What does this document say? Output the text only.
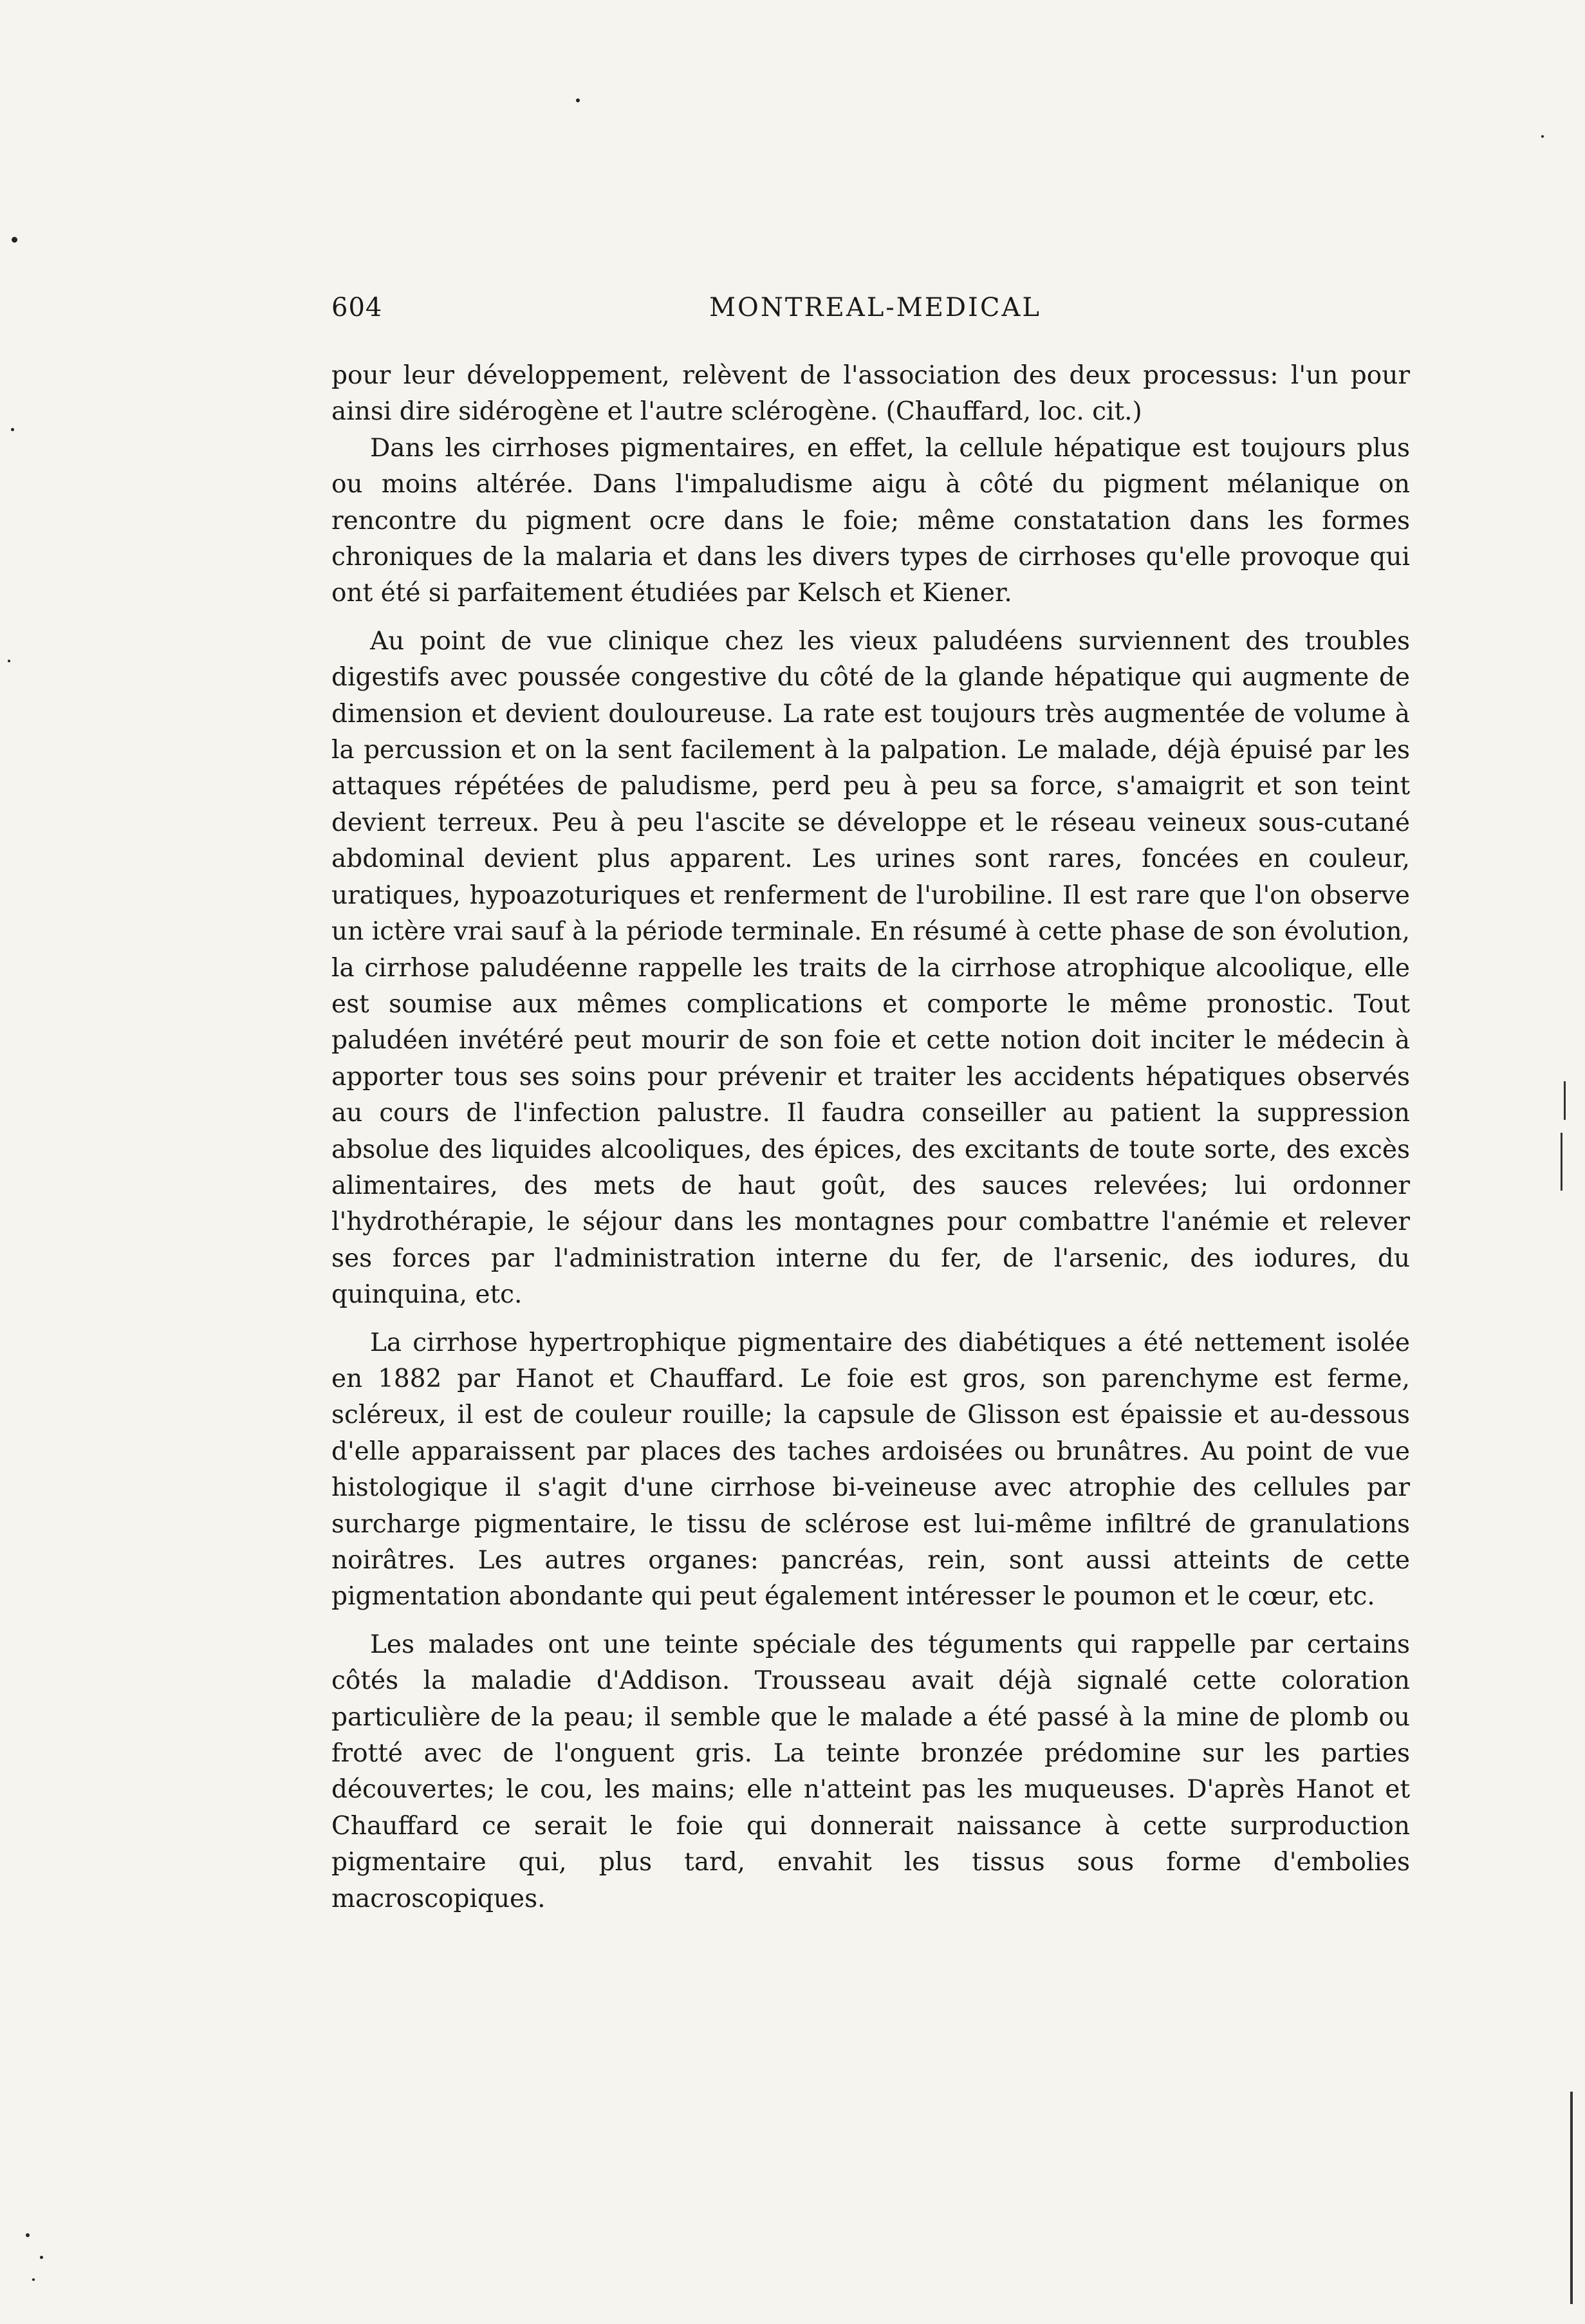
604	MONTREAL-MEDICAL

pour leur développement, relèvent de l'association des deux processus: l'un pour ainsi dire sidérogène et l'autre sclérogène. (Chauffard, loc. cit.)

Dans les cirrhoses pigmentaires, en effet, la cellule hépatique est toujours plus ou moins altérée. Dans l'impaludisme aigu à côté du pigment mélanique on rencontre du pigment ocre dans le foie; même constatation dans les formes chroniques de la malaria et dans les divers types de cirrhoses qu'elle provoque qui ont été si parfaitement étudiées par Kelsch et Kiener.

Au point de vue clinique chez les vieux paludéens surviennent des troubles digestifs avec poussée congestive du côté de la glande hépatique qui augmente de dimension et devient douloureuse. La rate est toujours très augmentée de volume à la percussion et on la sent facilement à la palpation. Le malade, déjà épuisé par les attaques répétées de paludisme, perd peu à peu sa force, s'amaigrit et son teint devient terreux. Peu à peu l'ascite se développe et le réseau veineux sous-cutané abdominal devient plus apparent. Les urines sont rares, foncées en couleur, uratiques, hypoazoturiques et renferment de l'urobiline. Il est rare que l'on observe un ictère vrai sauf à la période terminale. En résumé à cette phase de son évolution, la cirrhose paludéenne rappelle les traits de la cirrhose atrophique alcoolique, elle est soumise aux mêmes complications et comporte le même pronostic. Tout paludéen invétéré peut mourir de son foie et cette notion doit inciter le médecin à apporter tous ses soins pour prévenir et traiter les accidents hépatiques observés au cours de l'infection palustre. Il faudra conseiller au patient la suppression absolue des liquides alcooliques, des épices, des excitants de toute sorte, des excès alimentaires, des mets de haut goût, des sauces relevées; lui ordonner l'hydrothérapie, le séjour dans les montagnes pour combattre l'anémie et relever ses forces par l'administration interne du fer, de l'arsenic, des iodures, du quinquina, etc.

La cirrhose hypertrophique pigmentaire des diabétiques a été nettement isolée en 1882 par Hanot et Chauffard. Le foie est gros, son parenchyme est ferme, scléreux, il est de couleur rouille; la capsule de Glisson est épaissie et au-dessous d'elle apparaissent par places des taches ardoisées ou brunâtres. Au point de vue histologique il s'agit d'une cirrhose bi-veineuse avec atrophie des cellules par surcharge pigmentaire, le tissu de sclérose est lui-même infiltré de granulations noirâtres. Les autres organes: pancréas, rein, sont aussi atteints de cette pigmentation abondante qui peut également intéresser le poumon et le cœur, etc.

Les malades ont une teinte spéciale des téguments qui rappelle par certains côtés la maladie d'Addison. Trousseau avait déjà signalé cette coloration particulière de la peau; il semble que le malade a été passé à la mine de plomb ou frotté avec de l'onguent gris. La teinte bronzée prédomine sur les parties découvertes; le cou, les mains; elle n'atteint pas les muqueuses. D'après Hanot et Chauffard ce serait le foie qui donnerait naissance à cette surproduction pigmentaire qui, plus tard, envahit les tissus sous forme d'embolies macroscopiques.
